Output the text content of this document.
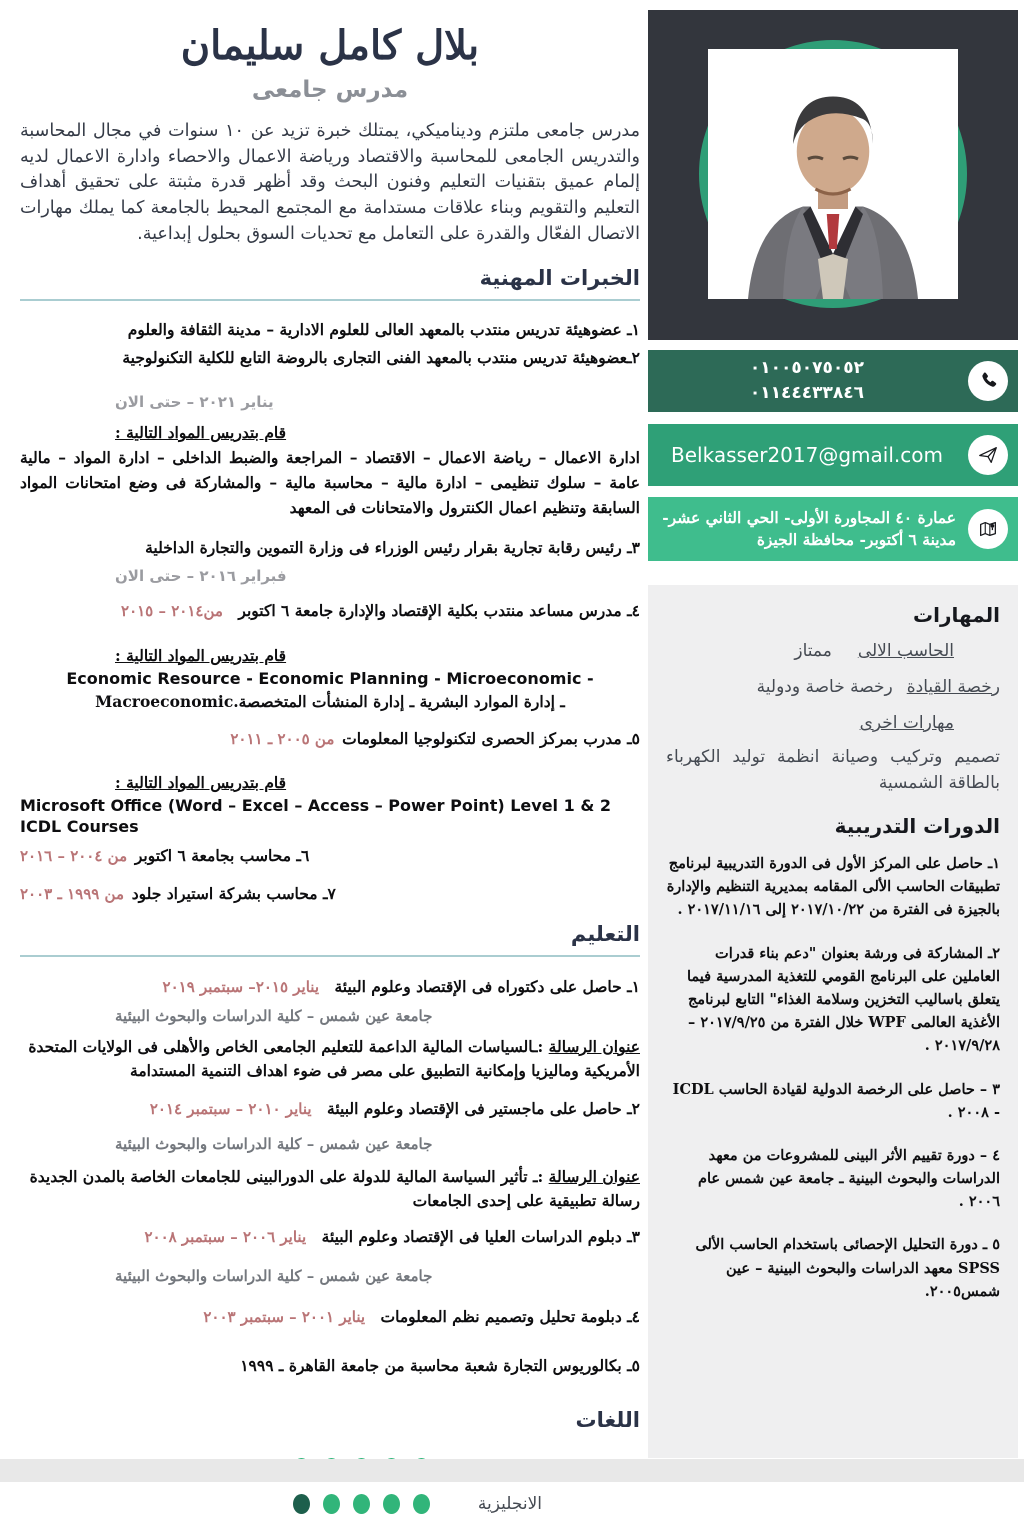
بلال كامل سليمان
مدرس جامعى

مدرس جامعى ملتزم وديناميكي، يمتلك خبرة تزيد عن ١٠ سنوات في مجال المحاسبة والتدريس الجامعى للمحاسبة والاقتصاد ورياضة الاعمال والاحصاء وادارة الاعمال لديه إلمام عميق بتقنيات التعليم وفنون البحث وقد أظهر قدرة مثبتة على تحقيق أهداف التعليم والتقويم وبناء علاقات مستدامة مع المجتمع المحيط بالجامعة كما يملك مهارات الاتصال الفعّال والقدرة على التعامل مع تحديات السوق بحلول إبداعية.

الخبرات المهنية

١ـ عضوهيئة تدريس منتدب بالمعهد العالى للعلوم الادارية – مدينة الثقافة والعلوم

٢ـعضوهيئة تدريس منتدب بالمعهد الفنى التجارى بالروضة التابع للكلية التكنولوجية

يناير ٢٠٢١ – حتى الان
قام بتدريس المواد التالية :

ادارة الاعمال – رياضة الاعمال – الاقتصاد – المراجعة والضبط الداخلى – ادارة المواد – مالية عامة – سلوك تنظيمى – ادارة مالية – محاسبة مالية – والمشاركة فى وضع امتحانات المواد السابقة وتنظيم اعمال الكنترول والامتحانات فى المعهد

٣ـ رئيس رقابة تجارية بقرار رئيس الوزراء فى وزارة التموين والتجارة الداخلية

فبراير ٢٠١٦ – حتى الان

٤ـ مدرس مساعد منتدب بكلية الإقتصاد والإدارة جامعة ٦ اكتوبر من٢٠١٤ – ٢٠١٥

قام بتدريس المواد التالية :

Economic Resource - Economic Planning - Microeconomic -

ـ إدارة الموارد البشرية ـ إدارة المنشأت المتخصصة.Macroeconomic

٥ـ مدرب بمركز الحصرى لتكنولوجيا المعلومات من ٢٠٠٥ ـ ٢٠١١

قام بتدريس المواد التالية :

Microsoft Office (Word – Excel – Access – Power Point) Level 1 & 2

ICDL Courses

٦ـ محاسب بجامعة ٦ اكتوبر من ٢٠٠٤ – ٢٠١٦
٧ـ محاسب بشركة استيراد جلود من ١٩٩٩ ـ ٢٠٠٣
التعليم

١ـ حاصل على دكتوراه فى الإقتصاد وعلوم البيئة يناير ٢٠١٥– سبتمبر ٢٠١٩

جامعة عين شمس – كلية الدراسات والبحوث البيئية

عنوان الرسالة :ـالسياسات المالية الداعمة للتعليم الجامعى الخاص والأهلى فى الولايات المتحدة الأمريكية وماليزيا وإمكانية التطبيق على مصر فى ضوء اهداف التنمية المستدامة

٢ـ حاصل على ماجستير فى الإقتصاد وعلوم البيئة يناير ٢٠١٠ – سبتمبر ٢٠١٤

جامعة عين شمس – كلية الدراسات والبحوث البيئية

عنوان الرسالة :ـ تأثير السياسة المالية للدولة على الدورالبينى للجامعات الخاصة بالمدن الجديدة رسالة تطبيقية على إحدى الجامعات

٣ـ دبلوم الدراسات العليا فى الإقتصاد وعلوم البيئة يناير ٢٠٠٦ – سبتمبر ٢٠٠٨

جامعة عين شمس – كلية الدراسات والبحوث البيئية

٤ـ دبلومة تحليل وتصميم نظم المعلومات يناير ٢٠٠١ – سبتمبر ٢٠٠٣

٥ـ بكالوريوس التجارة شعبة محاسبة من جامعة القاهرة ـ ١٩٩٩

اللغات
الانجليزية
٠١٠٠٥٠٧٥٠٥٢
٠١١٤٤٤٣٣٨٤٦
Belkasser2017@gmail.com
عمارة ٤٠ المجاورة الأولى- الحي الثاني عشر- مدينة ٦ أكتوبر- محافظة الجيزة
المهارات
الحاسب الالى
ممتاز
رخصة القيادة
رخصة خاصة ودولية
مهارات اخرى

تصميم وتركيب وصيانة انظمة توليد الكهرباء بالطاقة الشمسية

الدورات التدريبية

١ـ حاصل على المركز الأول فى الدورة التدريبية لبرنامج تطبيقات الحاسب الألى المقامه بمديرية التنظيم والإدارة بالجيزة فى الفترة من ٢٠١٧/١٠/٢٢ إلى ٢٠١٧/١١/١٦ .

٢ـ المشاركة فى ورشة بعنوان "دعم بناء قدرات العاملين على البرنامج القومي للتغذية المدرسية فيما يتعلق باساليب التخزين وسلامة الغذاء" التابع لبرنامج الأغذية العالمى WPF خلال الفترة من ٢٠١٧/٩/٢٥ – ٢٠١٧/٩/٢٨ .

٣ – حاصل على الرخصة الدولية لقيادة الحاسب ICDL - ٢٠٠٨ .

٤ – دورة تقييم الأثر البينى للمشروعات من معهد الدراسات والبحوث البينية ـ جامعة عين شمس عام ٢٠٠٦ .

٥ ـ دورة التحليل الإحصائى باستخدام الحاسب الألى SPSS معهد الدراسات والبحوث البينية – عين شمس٢٠٠٥.
